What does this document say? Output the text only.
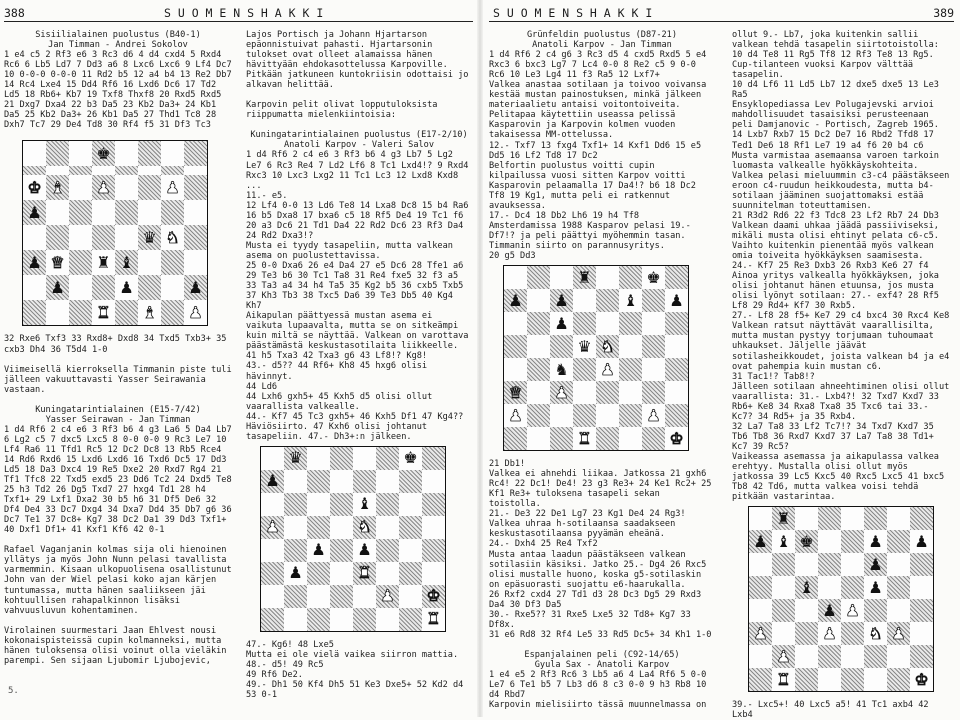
388	S U O M E N S H A K K I	S U O M E N S H A K K I	389
Sisiilialainen puolustus (B40-1)
Jan Timman - Andrei Sokolov

1 e4 c5 2 Rf3 e6 3 Rc3 d6 4 d4 cxd4 5 Rxd4 Rc6 6 Lb5 Ld7 7 Dd3 a6 8 Lxc6 Lxc6 9 Lf4 Dc7 10 0-0-0 0-0-0 11 Rd2 b5 12 a4 b4 13 Re2 Db7 14 Rc4 Lxe4 15 Dd4 Rf6 16 Lxd6 Dc6 17 Td2 Ld5 18 Rb6+ Kb7 19 Txf8 Thxf8 20 Rxd5 Rxd5 21 Dxg7 Dxa4 22 b3 Da5 23 Kb2 Da3+ 24 Kb1 Da5 25 Kb2 Da3+ 26 Kb1 Da5 27 Thd1 Tc8 28 Dxh7 Tc7 29 De4 Td8 30 Rf4 f5 31 Df3 Tc3

♚
♚ ♝ ♟	♟
♟
♛ ♞
♟ ♛ ♜ ♝
♟	♟	♟
♜ ♝ ♟

32 Rxe6 Txf3 33 Rxd8+ Dxd8 34 Txd5 Txb3+ 35 cxb3 Dh4 36 T5d4 1-0

Viimeisellä kierroksella Timmanin piste tuli jälleen vakuuttavasti Yasser Seirawania vastaan.

Kuningatarintialainen (E15-7/42)
Yasser Seirawan - Jan Timman

1 d4 Rf6 2 c4 e6 3 Rf3 b6 4 g3 La6 5 Da4 Lb7 6 Lg2 c5 7 dxc5 Lxc5 8 0-0 0-0 9 Rc3 Le7 10 Lf4 Ra6 11 Tfd1 Rc5 12 Dc2 Dc8 13 Rb5 Rce4 14 Rd6 Rxd6 15 Lxd6 Lxd6 16 Txd6 Dc5 17 Dd3 Ld5 18 Da3 Dxc4 19 Re5 Dxe2 20 Rxd7 Rg4 21 Tf1 Tfc8 22 Txd5 exd5 23 Dd6 Tc2 24 Dxd5 Te8 25 h3 Td2 26 Dg5 Txd7 27 hxg4 Td1 28 h4 Txf1+ 29 Lxf1 Dxa2 30 b5 h6 31 Df5 De6 32 Df4 De4 33 Dc7 Dxg4 34 Dxa7 Dd4 35 Db7 g6 36 Dc7 Te1 37 Dc8+ Kg7 38 Dc2 Da1 39 Dd3 Txf1+ 40 Dxf1 Df1+ 41 Kxf1 Kf6 42 0-1

Rafael Vaganjanin kolmas sija oli hienoinen yllätys ja myös John Nunn pelasi tavallista varmemmin. Kisaan ulkopuolisena osallistunut John van der Wiel pelasi koko ajan kärjen tuntumassa, mutta hänen saaliikseen jäi kohtuullisen rahapalkinnon lisäksi vahvuusluvun kohentaminen.

Virolainen suurmestari Jaan Ehlvest nousi kokonaispisteissä cupin kolmanneksi, mutta hänen tuloksensa olisi voinut olla vieläkin parempi. Sen sijaan Ljubomir Ljubojevic,

Lajos Portisch ja Johann Hjartarson epäonnistuivat pahasti. Hjartarsonin tulokset ovat olleet alamaissa hänen hävittyään ehdokasottelussa Karpoville. Pitkään jatkuneen kuntokriisin odottaisi jo alkavan helittää.

Karpovin pelit olivat lopputuloksista riippumatta mielenkiintoisia:

Kuningatarintialainen puolustus (E17-2/10)
Anatoli Karpov - Valeri Salov
1 d4 Rf6 2 c4 e6 3 Rf3 b6 4 g3 Lb7 5 Lg2 Le7 6 Rc3 Re4 7 Ld2 Lf6 8 Tc1 Lxd4!? 9 Rxd4 Rxc3 10 Lxc3 Lxg2 11 Tc1 Lc3 12 Lxd8 Kxd8 ...
11.- e5.
12 Lf4 0-0 13 Ld6 Te8 14 Lxa8 Dc8 15 b4 Ra6 16 b5 Dxa8 17 bxa6 c5 18 Rf5 De4 19 Tc1 f6 20 a3 Dc6 21 Td1 Da4 22 Rd2 Dc6 23 Rf3 Da4 24 Rd2 Dxa3!?
Musta ei tyydy tasapeliin, mutta valkean asema on puolustettavissa.
25 0-0 Dxa6 26 e4 Da4 27 e5 Dc6 28 Tfe1 a6 29 Te3 b6 30 Tc1 Ta8 31 Re4 fxe5 32 f3 a5 33 Ta3 a4 34 h4 Ta5 35 Kg2 b5 36 cxb5 Txb5 37 Kh3 Tb3 38 Txc5 Da6 39 Te3 Db5 40 Kg4 Kh7
Aikapulan päättyessä mustan asema ei vaikuta lupaavalta, mutta se on sitkeämpi kuin miltä se näyttää. Valkean on varottava päästämästä keskustasotilaita liikkeelle.
41 h5 Txa3 42 Txa3 g6 43 Lf8!? Kg8!
43.- d5?? 44 Rf6+ Kh8 45 hxg6 olisi hävinnyt.
44 Ld6
44 Lxh6 gxh5+ 45 Kxh5 d5 olisi ollut vaarallista valkealle.
44.- Kf7 45 Tc3 gxh5+ 46 Kxh5 Df1 47 Kg4??
Häviösiirto. 47 Kxh6 olisi johtanut tasapeliin. 47.- Dh3+:n jälkeen.
♛	♚
♟
♝
♟	♞
♟ ♟
♟	♜
♟ ♚
♜
47.- Kg6! 48 Lxe5
Mutta ei ole vielä vaikea siirron mattia.
48.- d5! 49 Rc5
49 Rf6 De2.
49.- Dh1 50 Kf4 Dh5 51 Ke3 Dxe5+ 52 Kd2 d4 53 0-1
Grünfeldin puolustus (D87-21)
Anatoli Karpov - Jan Timman
1 d4 Rf6 2 c4 g6 3 Rc3 d5 4 cxd5 Rxd5 5 e4 Rxc3 6 bxc3 Lg7 7 Lc4 0-0 8 Re2 c5 9 0-0 Rc6 10 Le3 Lg4 11 f3 Ra5 12 Lxf7+
Valkea anastaa sotilaan ja toivoo voivansa kestää mustan painostuksen, minkä jälkeen materiaalietu antaisi voitontoiveita. Pelitapaa käytettiin useassa pelissä Kasparovin ja Karpovin kolmen vuoden takaisessa MM-ottelussa.
12.- Txf7 13 fxg4 Txf1+ 14 Kxf1 Dd6 15 e5 Dd5 16 Lf2 Td8 17 Dc2
Belfortin puolustus voitti cupin kilpailussa vuosi sitten Karpov voitti Kasparovin pelaamalla 17 Da4!? b6 18 Dc2 Tf8 19 Kg1, mutta peli ei ratkennut avauksessa.
17.- Dc4 18 Db2 Lh6 19 h4 Tf8
Amsterdamissa 1988 Kasparov pelasi 19.- Df7!? ja peli päättyi myöhemmin tasan. Timmanin siirto on parannusyritys.
20 g5 Dd3
♜	♚
♟ ♟	♝ ♟
♟
♛ ♞
♞ ♟
♛ ♟
♟	♟
♜	♚
21 Db1!
Valkea ei ahnehdi liikaa. Jatkossa 21 gxh6 Rc4! 22 Dc1! De4! 23 g3 Re3+ 24 Ke1 Rc2+ 25 Kf1 Re3+ tuloksena tasapeli sekan toistolla.
21.- De3 22 De1 Lg7 23 Kg1 De4 24 Rg3!
Valkea uhraa h-sotilaansa saadakseen keskustasotilaansa pyyämän eheänä.
24.- Dxh4 25 Re4 Txf2
Musta antaa laadun päästäkseen valkean sotilasiin käsiksi. Jatko 25.- Dg4 26 Rxc5 olisi mustalle huono, koska g5-sotilaskin on epäsuorasti suojattu e6-haarukalla.
26 Rxf2 cxd4 27 Td1 d3 28 Dc3 Dg5 29 Rxd3 Da4 30 Df3 Da5
30.- Rxe5?? 31 Rxe5 Lxe5 32 Td8+ Kg7 33 Df8x.

31 e6 Rd8 32 Rf4 Le5 33 Rd5 Dc5+ 34 Kh1 1-0

Espanjalainen peli (C92-14/65)
Gyula Sax - Anatoli Karpov
1 e4 e5 2 Rf3 Rc6 3 Lb5 a6 4 La4 Rf6 5 0-0 Le7 6 Te1 b5 7 Lb3 d6 8 c3 0-0 9 h3 Rb8 10 d4 Rbd7
Karpovin mielisiirto tässä muunnelmassa on
ollut 9.- Lb7, joka kuitenkin sallii valkean tehdä tasapelin siirtotoistolla: 10 d4 Te8 11 Rg5 Tf8 12 Rf3 Te8 13 Rg5. Cup-tilanteen vuoksi Karpov välttää tasapelin.
10 d4 Lf6 11 Ld5 Lb7 12 dxe5 dxe5 13 Le3 Ra5
Ensyklopediassa Lev Polugajevski arvioi mahdollisuudet tasaisiksi perusteenaan peli Damjanovic - Portisch, Zagreb 1965.
14 Lxb7 Rxb7 15 Dc2 De7 16 Rbd2 Tfd8 17 Ted1 De6 18 Rf1 Le7 19 a4 f6 20 b4 c6
Musta varmistaa asemaansa varoen tarkoin luomasta valkealle hyökkäyskohteita. Valkea pelasi mieluummin c3-c4 päästäkseen eroon c4-ruudun heikkoudesta, mutta b4-sotilaan jääminen suojattomaksi estää suunnitelman toteuttamisen.
21 R3d2 Rd6 22 f3 Tdc8 23 Lf2 Rb7 24 Db3
Valkean daami uhkaa jäädä passiiviseksi, mikäli musta olisi ehtinyt pelata c6-c5. Vaihto kuitenkin pienentää myös valkean omia toiveita hyökkäyksen saamisesta.
24.- Kf7 25 Re3 Dxb3 26 Rxb3 Ke6 27 f4
Ainoa yritys valkealla hyökkäyksen, joka olisi johtanut hänen etuunsa, jos musta olisi lyönyt sotilaan: 27.- exf4? 28 Rf5 Lf8 29 Rd4+ Kf7 30 Rxb5.
27.- Lf8 28 f5+ Ke7 29 c4 bxc4 30 Rxc4 Ke8
Valkean ratsut näyttävät vaarallisilta, mutta mustan pystyy torjumaan tuhoumaat uhkaukset. Jäljelle jäävät sotilasheikkoudet, joista valkean b4 ja e4 ovat pahempia kuin mustan c6.
31 Tac1!? Tab8!?
Jälleen sotilaan ahneehtiminen olisi ollut vaarallista: 31.- Lxb4?! 32 Txd7 Kxd7 33 Rb6+ Ke8 34 Rxa8 Txa8 35 Txc6 tai 33.- Kc7? 34 Rd5+ ja 35 Rxb4.
32 La7 Ta8 33 Lf2 Tc7!? 34 Txd7 Kxd7 35 Tb6 Tb8 36 Rxd7 Kxd7 37 La7 Ta8 38 Td1+ Kc7 39 Rc5?
Vaikeassa asemassa ja aikapulassa valkea erehtyy. Mustalla olisi ollut myös jatkossa 39 Lc5 Kxc5 40 Rxc5 Lxc5 41 bxc5 Tb8 42 Td6, mutta valkea voisi tehdä pitkään vastarintaa.
♜
♟ ♝ ♚	♟ ♟
♟
♝	♟
♟ ♟
♟	♟ ♞ ♟
♟
♜	♚
39.- Lxc5+! 40 Lxc5 a5! 41 Tc1 axb4 42 Lxb4
5.
